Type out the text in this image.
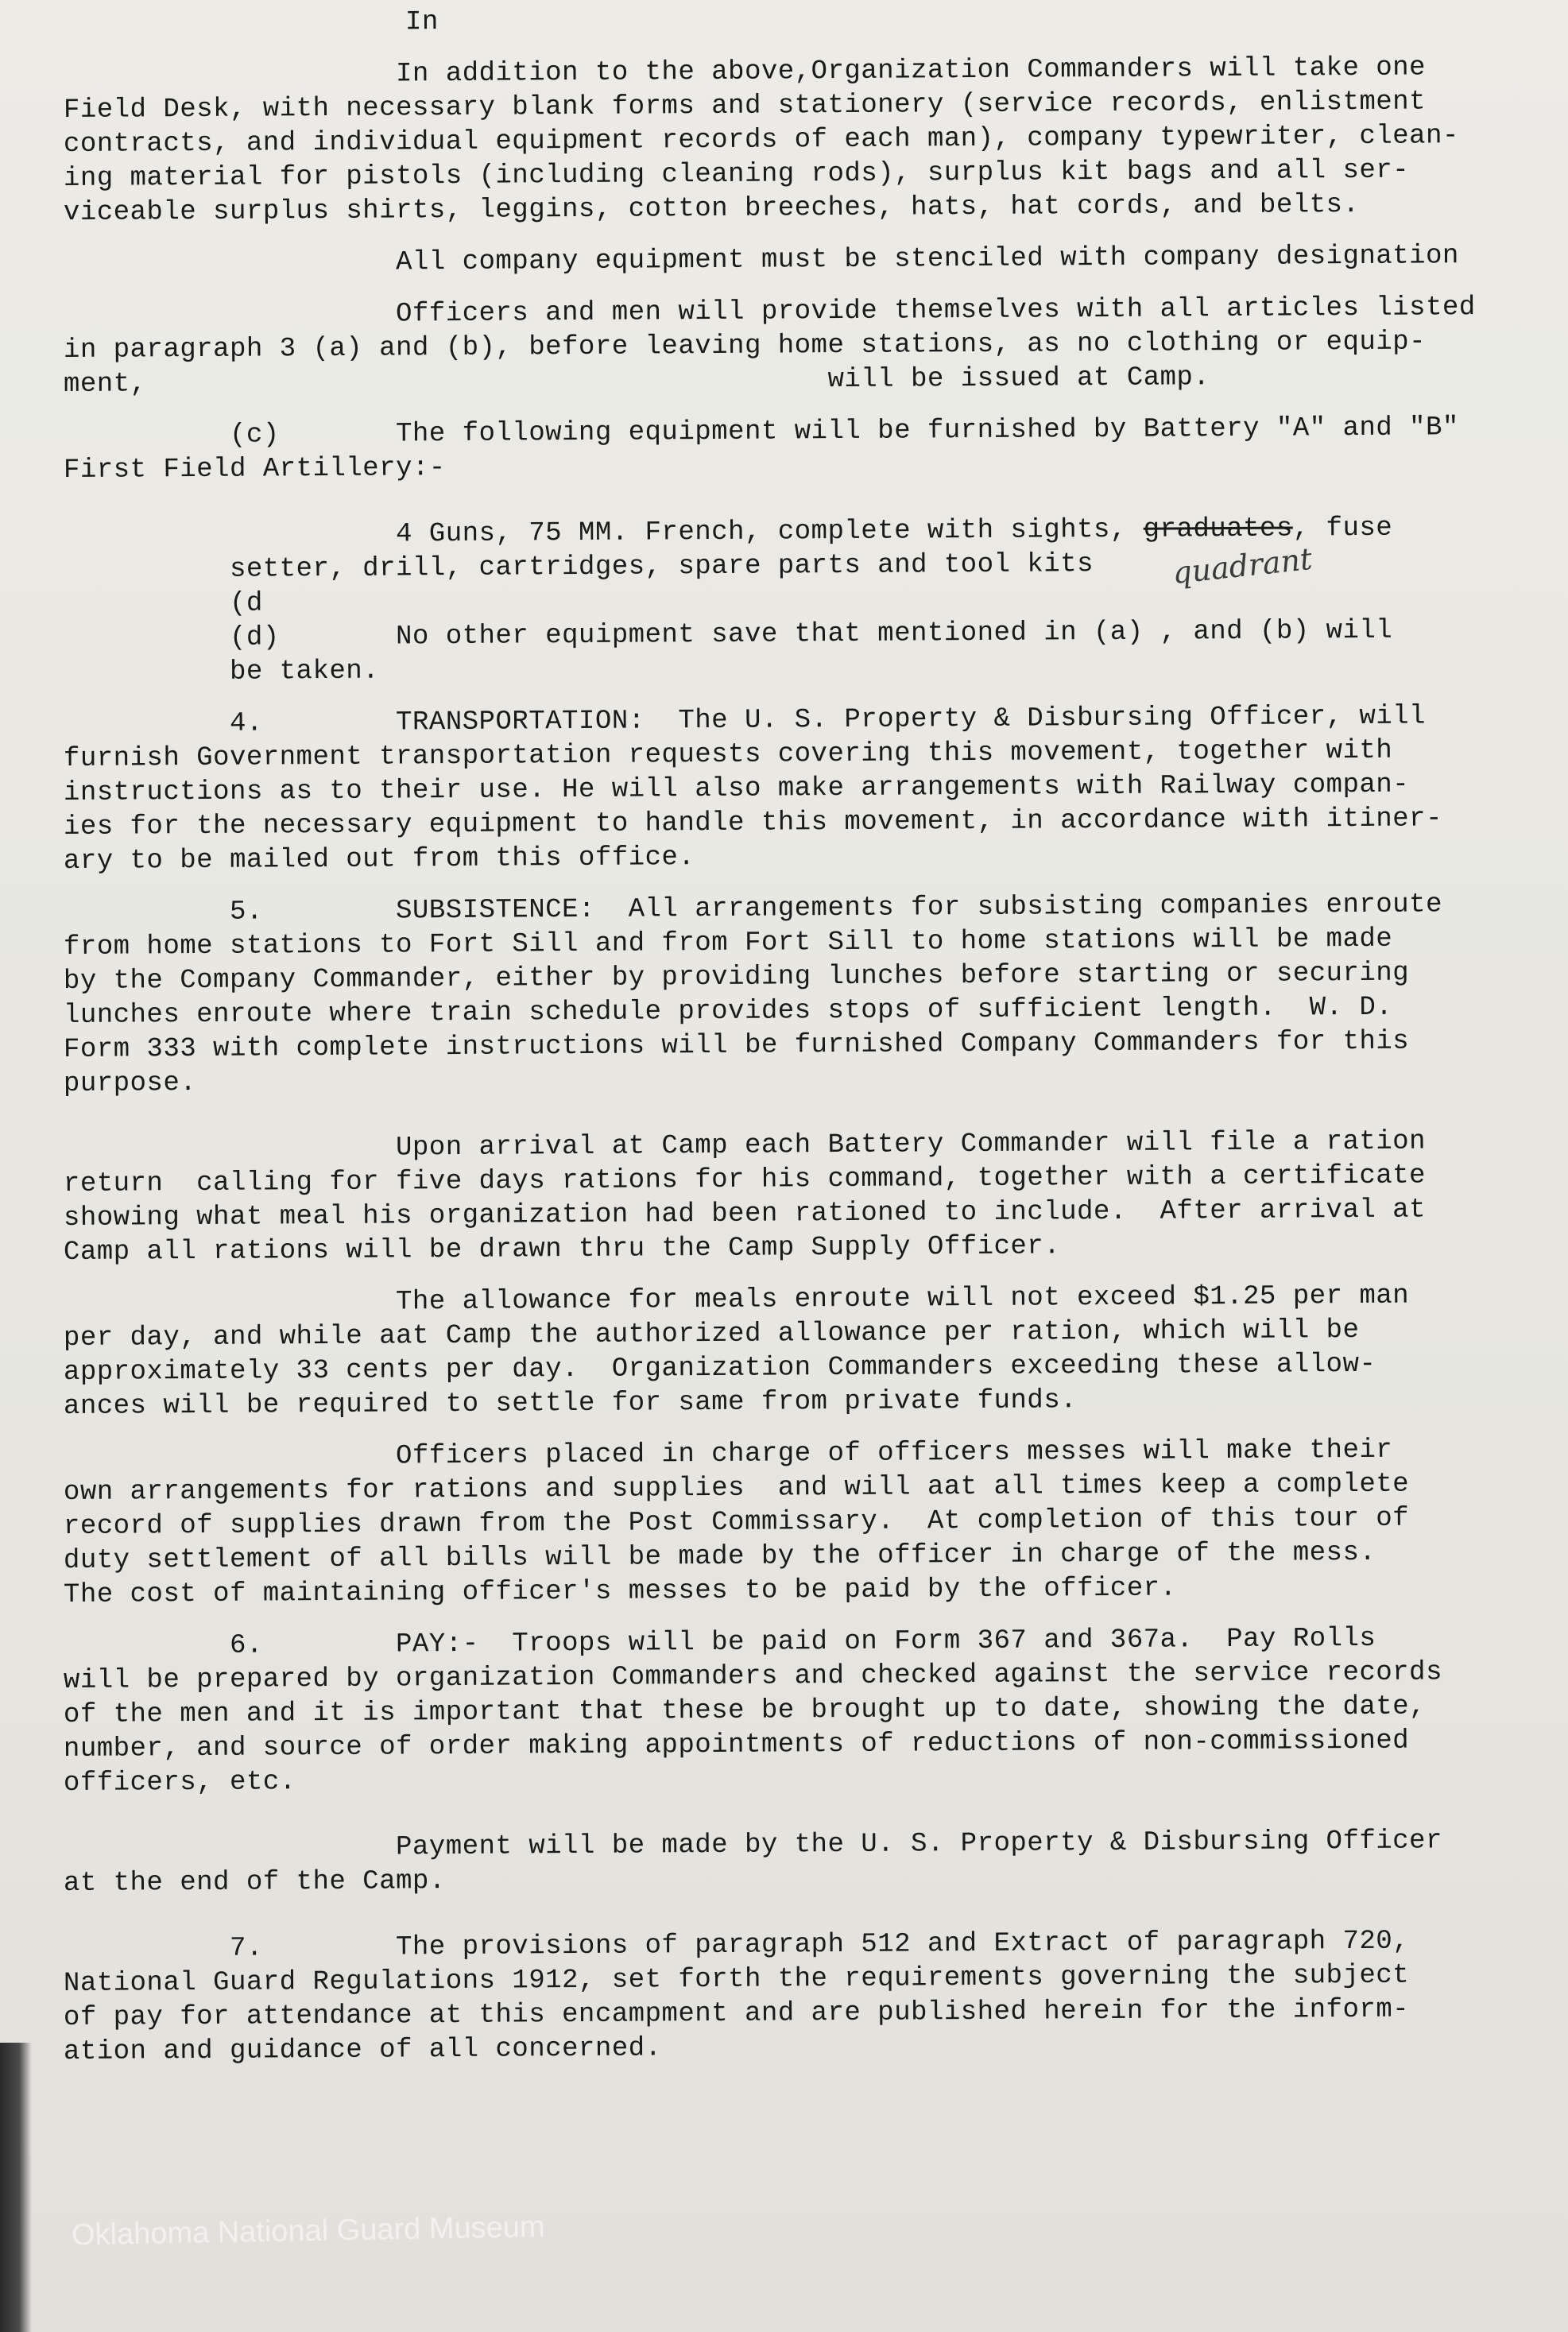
In
In addition to the above,Organization Commanders will take one
Field Desk, with necessary blank forms and stationery (service records, enlistment
contracts, and individual equipment records of each man), company typewriter, clean-
ing material for pistols (including cleaning rods), surplus kit bags and all ser-
viceable surplus shirts, leggins, cotton breeches, hats, hat cords, and belts.
All company equipment must be stenciled with company designation
Officers and men will provide themselves with all articles listed
in paragraph 3 (a) and (b), before leaving home stations, as no clothing or equip-
ment,                                         will be issued at Camp.
(c)       The following equipment will be furnished by Battery "A" and "B"
First Field Artillery:-
4 Guns, 75 MM. French, complete with sights, graduates, fuse
setter, drill, cartridges, spare parts and tool kits
(d
(d)       No other equipment save that mentioned in (a) , and (b) will
be taken.
4.        TRANSPORTATION:  The U. S. Property & Disbursing Officer, will
furnish Government transportation requests covering this movement, together with
instructions as to their use. He will also make arrangements with Railway compan-
ies for the necessary equipment to handle this movement, in accordance with itiner-
ary to be mailed out from this office.
5.        SUBSISTENCE:  All arrangements for subsisting companies enroute
from home stations to Fort Sill and from Fort Sill to home stations will be made
by the Company Commander, either by providing lunches before starting or securing
lunches enroute where train schedule provides stops of sufficient length.  W. D.
Form 333 with complete instructions will be furnished Company Commanders for this
purpose.
Upon arrival at Camp each Battery Commander will file a ration
return  calling for five days rations for his command, together with a certificate
showing what meal his organization had been rationed to include.  After arrival at
Camp all rations will be drawn thru the Camp Supply Officer.
The allowance for meals enroute will not exceed $1.25 per man
per day, and while aat Camp the authorized allowance per ration, which will be
approximately 33 cents per day.  Organization Commanders exceeding these allow-
ances will be required to settle for same from private funds.
Officers placed in charge of officers messes will make their
own arrangements for rations and supplies  and will aat all times keep a complete
record of supplies drawn from the Post Commissary.  At completion of this tour of
duty settlement of all bills will be made by the officer in charge of the mess.
The cost of maintaining officer's messes to be paid by the officer.
6.        PAY:-  Troops will be paid on Form 367 and 367a.  Pay Rolls
will be prepared by organization Commanders and checked against the service records
of the men and it is important that these be brought up to date, showing the date,
number, and source of order making appointments of reductions of non-commissioned
officers, etc.
Payment will be made by the U. S. Property & Disbursing Officer
at the end of the Camp.
7.        The provisions of paragraph 512 and Extract of paragraph 720,
National Guard Regulations 1912, set forth the requirements governing the subject
of pay for attendance at this encampment and are published herein for the inform-
ation and guidance of all concerned.
quadrant
Oklahoma National Guard Museum
